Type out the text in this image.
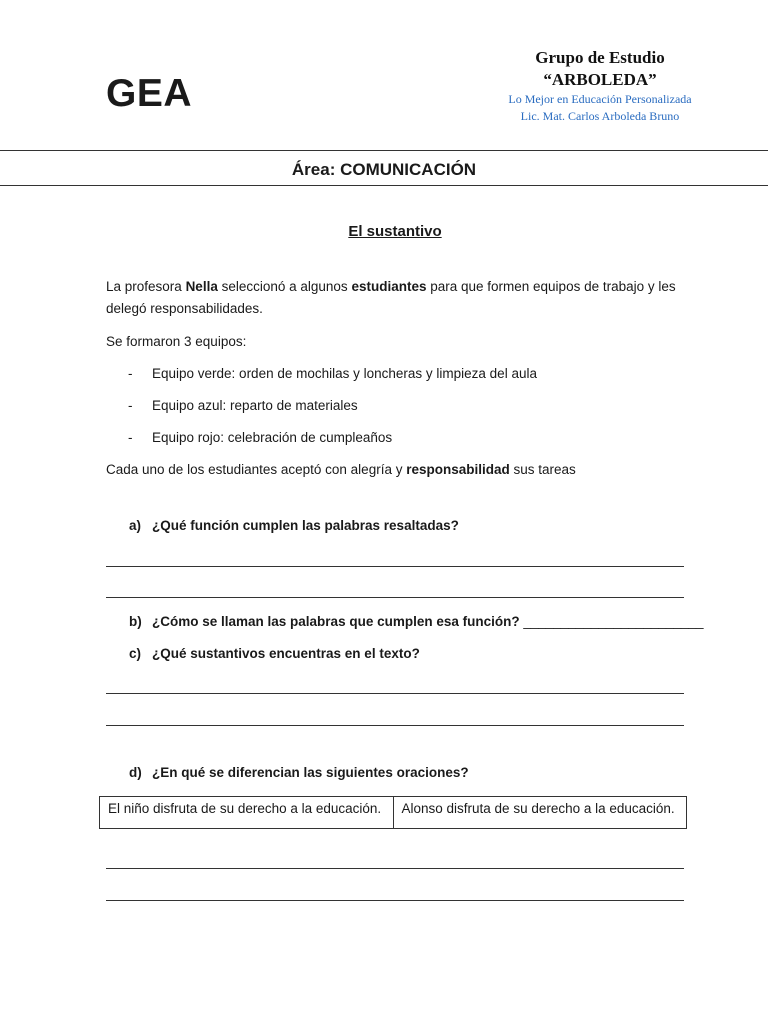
GEA
Grupo de Estudio
“ARBOLEDA”
Lo Mejor en Educación Personalizada
Lic. Mat. Carlos Arboleda Bruno
Área: COMUNICACIÓN
El sustantivo
La profesora Nella seleccionó a algunos estudiantes para que formen equipos de trabajo y les delegó responsabilidades.
Se formaron 3 equipos:
- Equipo verde: orden de mochilas y loncheras y limpieza del aula
- Equipo azul: reparto de materiales
- Equipo rojo: celebración de cumpleaños
Cada uno de los estudiantes aceptó con alegría y responsabilidad sus tareas
a) ¿Qué función cumplen las palabras resaltadas?
b) ¿Cómo se llaman las palabras que cumplen esa función? ________________________
c) ¿Qué sustantivos encuentras en el texto?
d) ¿En qué se diferencian las siguientes oraciones?
El niño disfruta de su derecho a la educación.	Alonso disfruta de su derecho a la educación.
